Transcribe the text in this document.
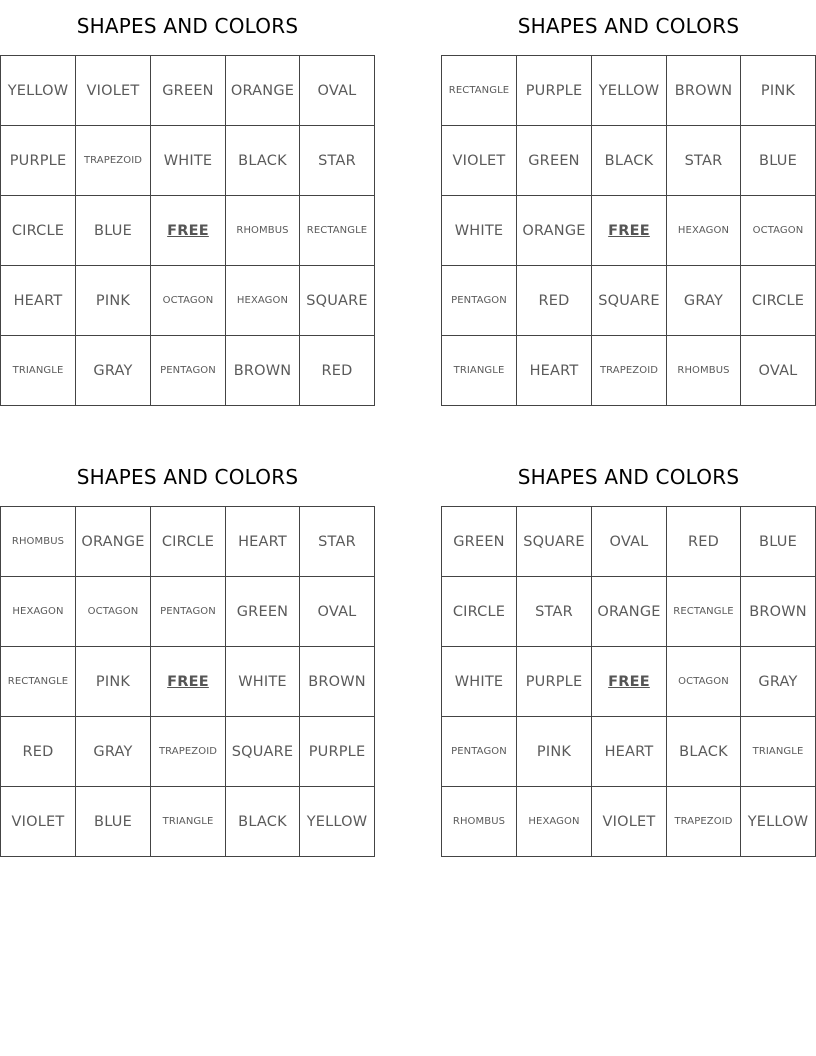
SHAPES AND COLORS
YELLOW	VIOLET	GREEN	ORANGE	OVAL
PURPLE	TRAPEZOID	WHITE	BLACK	STAR
CIRCLE	BLUE	FREE	RHOMBUS	RECTANGLE
HEART	PINK	OCTAGON	HEXAGON	SQUARE
TRIANGLE	GRAY	PENTAGON	BROWN	RED
SHAPES AND COLORS
RECTANGLE	PURPLE	YELLOW	BROWN	PINK
VIOLET	GREEN	BLACK	STAR	BLUE
WHITE	ORANGE	FREE	HEXAGON	OCTAGON
PENTAGON	RED	SQUARE	GRAY	CIRCLE
TRIANGLE	HEART	TRAPEZOID	RHOMBUS	OVAL
SHAPES AND COLORS
RHOMBUS	ORANGE	CIRCLE	HEART	STAR
HEXAGON	OCTAGON	PENTAGON	GREEN	OVAL
RECTANGLE	PINK	FREE	WHITE	BROWN
RED	GRAY	TRAPEZOID	SQUARE	PURPLE
VIOLET	BLUE	TRIANGLE	BLACK	YELLOW
SHAPES AND COLORS
GREEN	SQUARE	OVAL	RED	BLUE
CIRCLE	STAR	ORANGE	RECTANGLE	BROWN
WHITE	PURPLE	FREE	OCTAGON	GRAY
PENTAGON	PINK	HEART	BLACK	TRIANGLE
RHOMBUS	HEXAGON	VIOLET	TRAPEZOID	YELLOW
